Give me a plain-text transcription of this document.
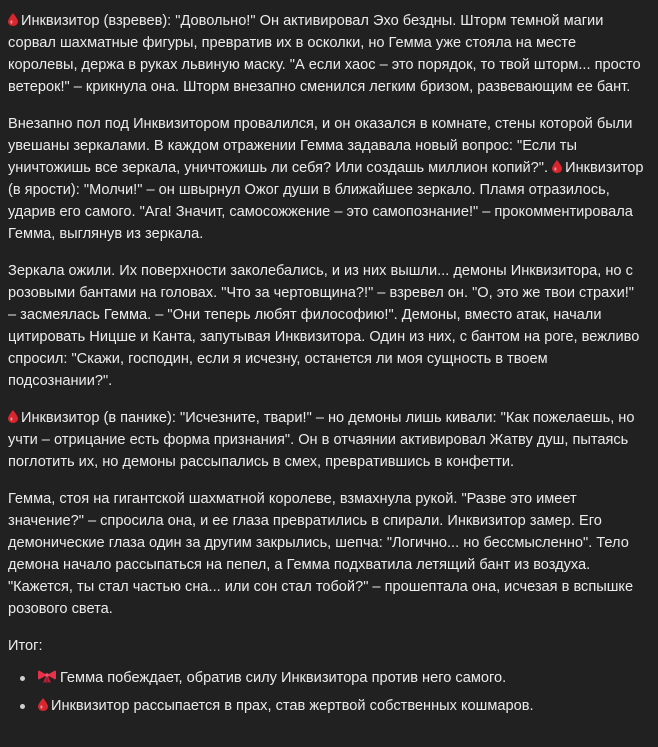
Инквизитор (взревев): "Довольно!" Он активировал Эхо бездны. Шторм темной магии сорвал шахматные фигуры, превратив их в осколки, но Гемма уже стояла на месте королевы, держа в руках львиную маску. "А если хаос – это порядок, то твой шторм... просто ветерок!" – крикнула она. Шторм внезапно сменился легким бризом, развевающим ее бант.

Внезапно пол под Инквизитором провалился, и он оказался в комнате, стены которой были увешаны зеркалами. В каждом отражении Гемма задавала новый вопрос: "Если ты уничтожишь все зеркала, уничтожишь ли себя? Или создашь миллион копий?". Инквизитор (в ярости): "Молчи!" – он швырнул Ожог души в ближайшее зеркало. Пламя отразилось, ударив его самого. "Ага! Значит, самосожжение – это самопознание!" – прокомментировала Гемма, выглянув из зеркала.

Зеркала ожили. Их поверхности заколебались, и из них вышли... демоны Инквизитора, но с розовыми бантами на головах. "Что за чертовщина?!" – взревел он. "О, это же твои страхи!" – засмеялась Гемма. – "Они теперь любят философию!". Демоны, вместо атак, начали цитировать Ницше и Канта, запутывая Инквизитора. Один из них, с бантом на роге, вежливо спросил: "Скажи, господин, если я исчезну, останется ли моя сущность в твоем подсознании?".

Инквизитор (в панике): "Исчезните, твари!" – но демоны лишь кивали: "Как пожелаешь, но учти – отрицание есть форма признания". Он в отчаянии активировал Жатву душ, пытаясь поглотить их, но демоны рассыпались в смех, превратившись в конфетти.

Гемма, стоя на гигантской шахматной королеве, взмахнула рукой. "Разве это имеет значение?" – спросила она, и ее глаза превратились в спирали. Инквизитор замер. Его демонические глаза один за другим закрылись, шепча: "Логично... но бессмысленно". Тело демона начало рассыпаться на пепел, а Гемма подхватила летящий бант из воздуха. "Кажется, ты стал частью сна... или сон стал тобой?" – прошептала она, исчезая в вспышке розового света.

Итог:

Гемма побеждает, обратив силу Инквизитора против него самого.
Инквизитор рассыпается в прах, став жертвой собственных кошмаров.
